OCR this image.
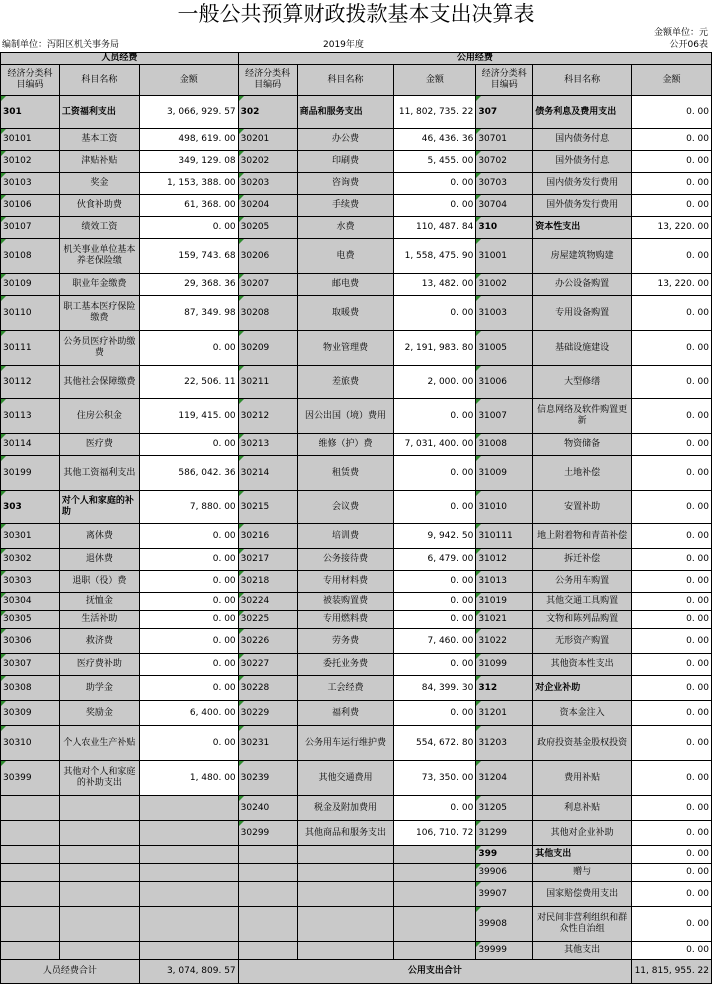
一般公共预算财政拨款基本支出决算表
金额单位：元
公开06表
编制单位：泻阳区机关事务局	2019年度
人员经费			公用经费					
经济分类科目编码	科目名称	金额	经济分类科目编码	科目名称	金额	经济分类科目编码	科目名称	金额
301	工资福利支出	3, 066, 929. 57	302	商品和服务支出	11, 802, 735. 22	307	债务利息及费用支出	0. 00
30101	基本工资	498, 619. 00	30201	办公费	46, 436. 36	30701	国内债务付息	0. 00
30102	津贴补贴	349, 129. 08	30202	印刷费	5, 455. 00	30702	国外债务付息	0. 00
30103	奖金	1, 153, 388. 00	30203	咨询费	0. 00	30703	国内债务发行费用	0. 00
30106	伙食补助费	61, 368. 00	30204	手续费	0. 00	30704	国外债务发行费用	0. 00
30107	绩效工资	0. 00	30205	水费	110, 487. 84	310	资本性支出	13, 220. 00
30108	机关事业单位基本养老保险缴	159, 743. 68	30206	电费	1, 558, 475. 90	31001	房屋建筑物购建	0. 00
30109	职业年金缴费	29, 368. 36	30207	邮电费	13, 482. 00	31002	办公设备购置	13, 220. 00
30110	职工基本医疗保险缴费	87, 349. 98	30208	取暖费	0. 00	31003	专用设备购置	0. 00
30111	公务员医疗补助缴费	0. 00	30209	物业管理费	2, 191, 983. 80	31005	基础设施建设	0. 00
30112	其他社会保障缴费	22, 506. 11	30211	差旅费	2, 000. 00	31006	大型修缮	0. 00
30113	住房公积金	119, 415. 00	30212	因公出国（境）费用	0. 00	31007	信息网络及软件购置更新	0. 00
30114	医疗费	0. 00	30213	维修（护）费	7, 031, 400. 00	31008	物资储备	0. 00
30199	其他工资福利支出	586, 042. 36	30214	租赁费	0. 00	31009	土地补偿	0. 00
303	对个人和家庭的补助	7, 880. 00	30215	会议费	0. 00	31010	安置补助	0. 00
30301	离休费	0. 00	30216	培训费	9, 942. 50	310111	地上附着物和青苗补偿	0. 00
30302	退休费	0. 00	30217	公务接待费	6, 479. 00	31012	拆迁补偿	0. 00
30303	退职（役）费	0. 00	30218	专用材料费	0. 00	31013	公务用车购置	0. 00
30304	抚恤金	0. 00	30224	被装购置费	0. 00	31019	其他交通工具购置	0. 00
30305	生活补助	0. 00	30225	专用燃料费	0. 00	31021	文物和陈列品购置	0. 00
30306	救济费	0. 00	30226	劳务费	7, 460. 00	31022	无形资产购置	0. 00
30307	医疗费补助	0. 00	30227	委托业务费	0. 00	31099	其他资本性支出	0. 00
30308	助学金	0. 00	30228	工会经费	84, 399. 30	312	对企业补助	0. 00
30309	奖励金	6, 400. 00	30229	福利费	0. 00	31201	资本金注入	0. 00
30310	个人农业生产补贴	0. 00	30231	公务用车运行维护费	554, 672. 80	31203	政府投资基金股权投资	0. 00
30399	其他对个人和家庭的补助支出	1, 480. 00	30239	其他交通费用	73, 350. 00	31204	费用补贴	0. 00
			30240	税金及附加费用	0. 00	31205	利息补贴	0. 00
			30299	其他商品和服务支出	106, 710. 72	31299	其他对企业补助	0. 00
						399	其他支出	0. 00
						39906	赠与	0. 00
						39907	国家赔偿费用支出	0. 00
						39908	对民间非营利组织和群众性自治组	0. 00
						39999	其他支出	0. 00
人员经费合计		3, 074, 809. 57	公用支出合计					11, 815, 955. 22
